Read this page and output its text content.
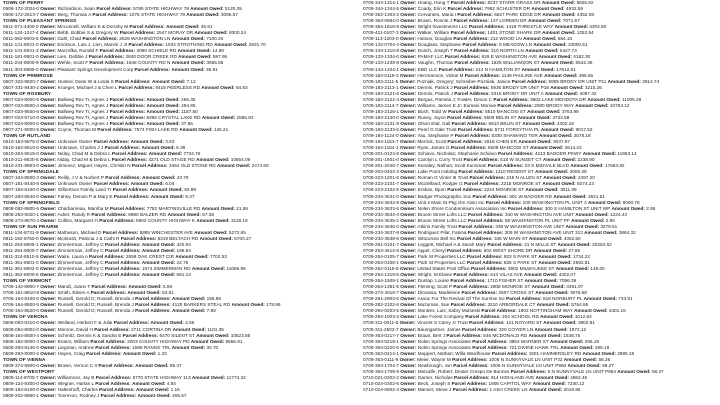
TOWN OF PERRY
0506-172-2024-0 Owner: Richardson, Sean Parcel Address: 5785 STATE HIGHWAY 78 Amount Owed: 5120.35
0506-172-2513-7 Owner: Berg, Thomas A Parcel Address: 1075 STATE HIGHWAY 78 Amount Owed: 3095.57
TOWN OF PLEASANT SPRINGS
0611-071-4400-0 Owner: Mcconnell, William E & Dorothy M Parcel Address: Amount Owed: 45.61
0611-124-1247-4 Owner: Bebb, Bobbie S & Gregory W Parcel Address: 2547 MORAY DR Amount Owed: 8300.24
0611-062-9003-5 Owner: Gahl, Chad Parcel Address: 2625 WASHINGTON LN Amount Owed: 7100.20
0611-131-8031-0 Owner: Erickson, Lois J, Lien, Marvin J Jr Parcel Address: 1932 STROTHING RD Amount Owed: 2831.70
0611-131-8031-3 Owner: Marzofka, Ronald F Parcel Address: 2090 SCHIELE RD Amount Owed: 14.80
0611-181-9501-0 Owner: Lien, Debbie J Parcel Address: 2840 DOOR CREEK RD Amount Owed: 597.95
0611-234-8000-9 Owner: Wehle, Scott F Parcel Address: 1948 COUNTY RD N Amount Owed: 3565.56
0611-303-8989-0 Owner: Pleasant Springs Development Corp Parcel Address: Amount Owed: 36.81
TOWN OF PRIMROSE
0507-322-9820-7 Owner: Husted, Dean W & Linda S Parcel Address: Amount Owed: 7.12
0507-331-9440-2 Owner: Krueger, Michael J & Cheri L Parcel Address: 9415 PEERLESS RD Amount Owed: 84.63
TOWN OF ROXBURY
0907-023-8000-5 Owner: Ballweg Rev Tr, Agnes J Parcel Address: Amount Owed: 265.35
0907-023-8500-4 Owner: Ballweg Rev Tr, Agnes J Parcel Address: Amount Owed: 494.85
0907-023-9500-6 Owner: Ballweg Rev Tr, Agnes J Parcel Address: Amount Owed: 1187.50
0907-023-9710-0 Owner: Ballweg Rev Tr, Agnes J Parcel Address: 8395 CRYSTAL LAKE RD Amount Owed: 2585.83
0907-024-8000-0 Owner: Ballweg Rev Tr, Agnes J Parcel Address: Amount Owed: 37.86
0907-271-9000-5 Owner: Coyne, Thomas M Parcel Address: 7674 FISH LAKE RD Amount Owed: 146.21
TOWN OF RUTLAND
0510-153-9875-0 Owner: Unknown Owner Parcel Address: Amount Owed: 3.53
0510-182-8510-0 Owner: Unknown, Charles J J Parcel Address: Amount Owed: 6.39
0510-204-9615-0 Owner: Niday, Chad M & Debra L Parcel Address: Amount Owed: 7734.76
0510-211-9630-8 Owner: Niday, Chad M & Debra L Parcel Address: 4271 OLD STAGE RD Amount Owed: 10654.09
0510-231-9903-0 Owner: Jimenez, Miguel; Hayes, Christin N Parcel Address: 3454 OLD STONE RD Amount Owed: 2474.60
TOWN OF SPRINGDALE
0607-104-8500-3 Owner: Reilly, J V & Norbert P Parcel Address: Amount Owed: 43.79
0607-181-8440-8 Owner: Unknown Owner Parcel Address: Amount Owed: 6.04
0607-194-8100-0 Owner: Gilbertson Family Land Tr Parcel Address: Amount Owed: 92.89
0607-283-8540-0 Owner: Fahey, Dennis P & Mary E Parcel Address: Amount Owed: 6.37
TOWN OF SPRINGFIELD
0808-082-8800-6 Owner: Charbarneau, Marsha M Parcel Address: 7782 MARTINSVILLE RD Amount Owed: 21.86
0808-253-9020-1 Owner: Acker, Randy R Parcel Address: 6890 BALZER RD Amount Owed: 57.38
0808-273-8570-4 Owner: Collins, Margaret H Parcel Address: 5902 COUNTY HIGHWAY K Amount Owed: 3118.19
TOWN OF SUN PRAIRIE
0811-134-8731-9 Owner: Matheson, Michael D Parcel Address: 5885 WINCHESTER AVE Amount Owed: 5272.65
0811-182-8750-0 Owner: Mcintosh, Patricia J & Cathi R Parcel Address: 5319 BELTACH RD Amount Owed: 5700.27
0811-253-8505-1 Owner: Zimmerman, Jeffrey C Parcel Address: Amount Owed: 420.94
0811-254-9000-7 Owner: Zimmerman, Jeffrey C Parcel Address: Amount Owed: 195.84
0811-324-8510-5 Owner: Waite, Laura A Parcel Address: 2658 OAK CREST CIR Amount Owed: 7702.53
0811-361-8501-0 Owner: Zimmerman, Jeffrey C Parcel Address: Amount Owed: 22.75
0811-361-8502-0 Owner: Zimmerman, Jeffrey C Parcel Address: 1674 ZIMMERMAN RD Amount Owed: 11086.96
0811-362-8000-6 Owner: Zimmerman, Jeffrey C Parcel Address: Amount Owed: 681.13
TOWN OF VERMONT
0706-142-8900-7 Owner: Mandt, Joann T Parcel Address: Amount Owed: 5.59
0706-151-8810-9 Owner: Smith, Eileen A Parcel Address: Amount Owed: 63.61
0706-164-8100-0 Owner: Russell, Gerold D; Russell, Brenda J Parcel Address: Amount Owed: 155.96
0706-164-8500-5 Owner: Russell, Gerold D; Russell, Brenda J Parcel Address: 4120 BARKERS STEAL RD Amount Owed: 178.99
0706-164-8620-0 Owner: Russell, Gerold D; Russell, Brenda J Parcel Address: Amount Owed: 7.89
TOWN OF VERONA
0608-093-8310-0 Owner: Weiland, Herbert F & Julie Parcel Address: Amount Owed: 2.55
0608-094-9002-0 Owner: Monroe, David H Parcel Address: 2711 CORTINA DR Amount Owed: 1101.35
0608-164-8500-4 Owner: Schmitz, Dennis K & Sandra E Parcel Address: 6470 SILENT ST Amount Owed: 10523.85
0608-182-8000-4 Owner: Enters, William Parcel Address: 2003 COUNTY HIGHWAY PD Amount Owed: 9556.91
0608-283-9145-0 Owner: Liegman, Andrew Parcel Address: 1596 RANGE TRL Amount Owed: 30.70
0608-293-9000-2 Owner: Hayes, Craig Parcel Address: Amount Owed: 1.23
TOWN OF VIENNA
0909-374-8900-0 Owner: Brown, Vernon C II Parcel Address: Amount Owed: 85.37
TOWN OF WESTPORT
0809-114-8700-7 Owner: Williamson, Jay B Parcel Address: 5770 STATE HIGHWAY 113 Amount Owed: 11774.32
0809-124-9300-0 Owner: Wegner, Harlan L Parcel Address: Amount Owed: 4.84
0809-194-8100-0 Owner: Haltenhoff, Charles Parcel Address: Amount Owed: 1.16
0809-202-8860-1 Owner: Tonrevon, Rodney J Parcel Address: Amount Owed: 406.57
0709-344-1314-1 Owner: Hoang, Hung T Parcel Address: 8237 STARR GRASS DR Amount Owed: 5826.82
0709-344-1344-5 Owner: Coady, Erin K Parcel Address: 7962 SCHUSTER DR Amount Owed: 4932.59
0709-352-1303-2 Owner: Cervantes, Maria I Parcel Address: 6627 PARK EDGE DR Amount Owed: 4352.08
0709-364-0584-0 Owner: Brown, Ronnie J Parcel Address: 137 LOREEN DR Amount Owed: 7071.57
0709-364-1818-8 Owner: Wright Investments LLC Parcel Address: 1418 THRESTLE WAY Amount Owed: 4302.50
0709-411-0107-3 Owner: Walker, William Parcel Address: 1401 STONE SHARK DR Amount Owed: 1253.54
0709-113-1203-0 Owner: Hutson, Douglas Parcel Address: 212 WOOD LN Amount Owed: 654.10
0709-132-0704-4 Owner: Douglass, Stephanie Parcel Address: 5 MEADOW LN Amount Owed: 33000.51
0709-133-1310-8 Owner: Dosch, Joseph T Parcel Address: 310 NORTH LN Amount Owed: 5427.73
0709-133-1334-0 Owner: PAMAF LLC Parcel Address: 629 E WASHINGTON AVE Amount Owed: 4182.30
0709-133-1439-8 Owner: Vaughn, Thomas Parcel Address: 1525 WILLIAMSON ST Amount Owed: 6542.36
0709-144-1204-1 Owner: EBD LLC Parcel Address: 214 N HAMILTON ST Amount Owed: 17612.01
0709-183-0119-3 Owner: Herrmanson, Vickie M Parcel Address: 1146 PAULINE AVE Amount Owed: 495.65
0709-183-2111-5 Owner: Pozniak, Gregory; Schreiber-Pozniak, Janice Parcel Address: 5905 BRODY DR UNIT P11 Amount Owed: 2914.74
0709-183-2113-1 Owner: Dennis, Patrick J Parcel Address: 5935 BRODY DR UNIT P18 Amount Owed: 3215.26
0709-183-2121-6 Owner: Dennis, Patrick J Parcel Address: 5315 BRODY DR UNIT A Amount Owed: 4087.32
0709-183-2122-4 Owner: Bergus, Pamela J; Fowler, Devon C Parcel Address: 3802 LAKE MENDOTA DR Amount Owed: 11005.28
0709-183-2114-7 Owner: Williams, James E Jr; Eumani Moniue Parcel Address: 2000 BRODY WAY Amount Owed: 10784.12
0709-183-2128-1 Owner: Bush, Todd W Parcel Address: 5510 MANCOSI ST Amount Owed: 3763.96
0709-183-2130-0 Owner: Runey, Joyce Parcel Address: 5509 BELIN ST Amount Owed: 4722.58
0709-183-2131-9 Owner: Olson Etal, Gail Parcel Address: 5513 BELIN ST Amount Owed: 4302.18
0709-183-2133-6 Owner: Pearl G Gale Trust Parcel Address: 5711 FORSYTHIA PL Amount Owed: 9017.52
0709-194-1124-0 Owner: Yau, Stephanie P Parcel Address: 5330 SHAWANO TER Amount Owed: 2078.18
0709-194-1153-7 Owner: Merrick, Scott Parcel Address: 2618 CHEN ER Amount Owed: 3037.97
0709-194-1154-1 Owner: Ryan, James G Parcel Address: 5509 MANCOSI ST Amount Owed: 2614.23
0709-201-0124-9 Owner: Schiavo, Nicholas; Stephanie Schiavo Parcel Address: 4213 BADGER PKWY Amount Owed: 11953.14
0709-201-1601-0 Owner: Carolyn L Curry Trust Parcel Address: 618 W SUNSET CT Amount Owed: 2238.90
0709-201-2046-7 Owner: Kenaley, Nathan; Scott Kunsman Parcel Address: 23 S MIDVALE BLVD Amount Owed: 17653.82
0709-203-0402-3 Owner: Lake Point Holding Parcel Address: 1210 REGENT ST Amount Owed: 2006.39
0709-223-1201-6 Owner: Roman G Vinter III Trust Parcel Address: 215 N ALLEN ST Amount Owed: 2497.20
0709-223-2101-7 Owner: Mcclelland, Rodger G Parcel Address: 2216 MONROE ST Amount Owed: 5074.23
0709-223-2102-5 Owner: Erskan, Bjorn Parcel Address: 2224 MONROE ST Amount Owed: 3011.09
0709-234-3631-0 Owner: Badger Photographic Soc Parcel Address: 601 W BADGER RD Amount Owed: 3621.51
0709-234-3632-8 Owner: Unit 2 Main St Pkg Gm Asso Inc Parcel Address: 100 WASHINGTON PL UNIT 2 Amount Owed: 8000.78
0709-234-3633-6 Owner: Nolen Shore Condominium Association Inc Parcel Address: 300 S HAMILTON ST UNIT WP Amount Owed: 2.95
0709-234-3634-4 Owner: Broom Street Lofts LLC Parcel Address: 340 W WASHINGTON AVE UNIT Amount Owed: 1224.43
0709-234-3635-2 Owner: Broom Street Lofts LLC Parcel Address: 58 WASHINGTON PL UNIT PF Amount Owed: 2.95
0709-234-3636-0 Owner: Atkins Family Trust Parcel Address: 338 W WASHINGTON AVE UNIT Amount Owed: 3279.51
0709-234-3637-8 Owner: Rodriguez Pilar, Fatima Parcel Address: 309 W WASHINGTON AVE UNIT 313 Amount Owed: 3864.32
0709-234-3638-6 Owner: Wisconsin Bell Inc Parcel Address: 345 W MAIN ST Amount Owed: 4302.50
0709-251-0101-7 Owner: Leggett, Michael A & Sarah Mary Parcel Address: 21 N MILLS ST Amount Owed: 20253.62
0709-253-4614-8 Owner: Appel, Cheryl Parcel Address: 602 WEST SHORE DR Amount Owed: 27.86
0709-254-0105-7 Owner: Park St Properties LLC Parcel Address: 823 S PARK ST Amount Owed: 1734.22
0709-254-0108-1 Owner: Park St Properties LLC Parcel Address: 825 S PARK ST Amount Owed: 2592.81
0709-262-0115-8 Owner: United States Post Office Parcel Address: 3902 MILWAUKEE ST Amount Owed: 148.00
0709-264-1319-5 Owner: Wright, M Elaine Parcel Address: 613 VILAS AVE Amount Owed: 4302.07
0709-264-1509-1 Owner: Dunlap, Louise Parcel Address: 1710 FISHER ST Amount Owed: 7096.39
0709-264-1381-5 Owner: Fleming, Scott P Parcel Address: 2808 MONROE ST Amount Owed: 3491.07
0709-274-4018-7 Owner: Dimassa, Madeleine Parcel Address: 2507 CROSS ST Amount Owed: 3976.68
0709-281-2903-0 Owner: Assoc For The Revival Of The Sunrise Inc Parcel Address: 818 NORBURY PL Amount Owed: 733.81
0709-282-2102-6 Owner: Muzuman, Sue Parcel Address: 3210 ARBORDALE CT Amount Owed: 5764.86
0709-294-0203-5 Owner: Morales, Luis; Sabry Muiseski Parcel Address: 1902 NOTTINGHAM WAY Amount Owed: 4401.16
0709-294-1003-2 Owner: Lake Forest Company Parcel Address: 204 SCHOOL RD Amount Owed: 1012.84
0709-311-0011-5 Owner: Vincent S Carey Jr Trust Parcel Address: 121 NOYARD ST Amount Owed: 3902.81
0709-311-2502-7 Owner: Baumgartner, James Parcel Address: 320 COYIER LN Amount Owed: 1972.12
0709-363-0217-7 Owner: Braun, Bert J Parcel Address: 546 MCDONALD RD Amount Owed: 1538.75
0709-363-0219-1 Owner: Nolen Springs Associates Parcel Address: 3853 WARNER ST Amount Owed: 295.19
0709-363-0220-6 Owner: Nolen Springs Associates Parcel Address: 721 DIVINE HAWK TRL Amount Owed: 295.19
0709-363-0214-1 Owner: Moppert, Nathan; Willa Wardhouse Parcel Address: 1501 HAMMERSLEY RD Amount Owed: 2995.18
0709-363-0111-9 Owner: Meier, Wayne M Parcel Address: 1006 N SUNNYVALE LN UNIT P32 Amount Owed: 58.26
0709-363-1704-7 Owner: Newbrough, Jon Parcel Address: 1006 N SUNNYVALE LN UNIT P960 Amount Owed: 58.27
0709-363-1709-9 Owner: Metcalfe, Robert; Dexter Crespo De Bonnes Parcel Address: 5 N SUNNYVALE LN UNIT P964 Amount Owed: 58.27
0710-021-0202-2 Owner: Garner, Nicholas Parcel Address: 914 HIGHLAND AVE Amount Owed: 4862.46
0710-024-0302-6 Owner: Beck, Joseph S Parcel Address: 1906 CAPITOL WAY Amount Owed: 7240.12
0710-024-0802-4 Owner: Manser, Steve J Parcel Address: 1 ASH CREEK LN Amount Owed: 2019.95
